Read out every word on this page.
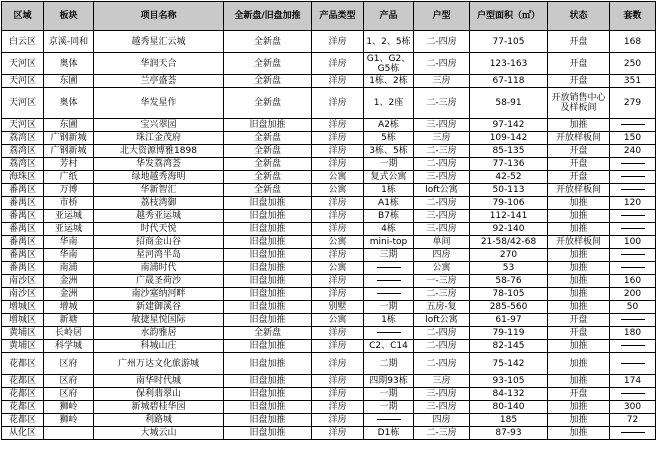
区域	板块	项目名称	全新盘/旧盘加推	产品类型	产品	户型	户型面积（㎡）	状态	套数
白云区	京溪-同和	越秀星汇云城	全新盘	洋房	1、2、5栋	二-四房	77-105	开盘	168
天河区	奥体	华润天合	全新盘	洋房	G1、G2、G5栋	二-四房	123-163	开盘	250
天河区	东圃	兰亭盛荟	全新盘	洋房	1栋、2栋	三房	67-118	开盘	351
天河区	奥体	华发星作	全新盘	洋房	1、2座	二-三房	58-91	开放销售中心及样板间	279
天河区	东圃	宝兴翠园	旧盘加推	洋房	A2栋	三-四房	97-142	加推	
荔湾区	广钢新城	珠江金茂府	全新盘	洋房	5栋	三房	109-142	开放样板间	150
荔湾区	广钢新城	北大资源博雅1898	全新盘	洋房	3栋、5栋	二-三房	85-135	开盘	240
荔湾区	芳村	华发荔湾荟	全新盘	洋房	一期	二-四房	77-136	开盘	
海珠区	广纸	绿地越秀海明	全新盘	公寓	复式公寓	三-四房	42-52	开盘	
番禺区	万博	华新智汇	全新盘	公寓	1栋	loft公寓	50-113	开放样板间	
番禺区	市桥	荔枝湾御	旧盘加推	洋房	A1栋	二-四房	79-106	加推	120
番禺区	亚运城	越秀亚运城	旧盘加推	洋房	B7栋	三-四房	112-141	加推	
番禺区	亚运城	时代天悦	旧盘加推	洋房	4栋	三-四房	92-140	加推	
番禺区	华南	招商金山谷	旧盘加推	公寓	mini-top	单间	21-58/42-68	开放样板间	100
番禺区	华南	星河湾半岛	旧盘加推	洋房	三期	四房	270	加推	
番禺区	南浦	南浦时代	旧盘加推	公寓		公寓	53	加推	
南沙区	金洲	广晟圣荷沙	旧盘加推	洋房		一-三房	58-76	加推	160
南沙区	金洲	南沙塞纳河畔	旧盘加推	洋房		二-三房	78-105	加推	200
增城区	增城	新建御溪谷	旧盘加推	别墅	一期	五房-复	285-560	加推	50
增城区	新塘	敏捷星悦国际	旧盘加推	公寓	1栋	loft公寓	61-97	开盘	
黄埔区	长岭居	水韵雅居	全新盘	洋房		二-四房	79-119	开盘	180
黄埔区	科学城	科城山庄	旧盘加推	洋房	C2、C14	二-四房	82-145	加推	
花都区	区府	广州万达文化旅游城	旧盘加推	洋房	二期	二-四房	75-142	加推	
花都区	区府	南华时代城	旧盘加推	洋房	四期93栋	三房	93-105	加推	174
花都区	区府	保利翡翠山	旧盘加推	洋房	一期	三-四房	84-132	开盘	
花都区	狮岭	新城碧桂华园	旧盘加推	洋房	一期	三-四房	80-140	加推	300
花都区	狮岭	利路城	旧盘加推	洋房		四房	185	加推	72
从化区		大城云山	旧盘加推	洋房	D1栋	二-三房	87-93	加推	
